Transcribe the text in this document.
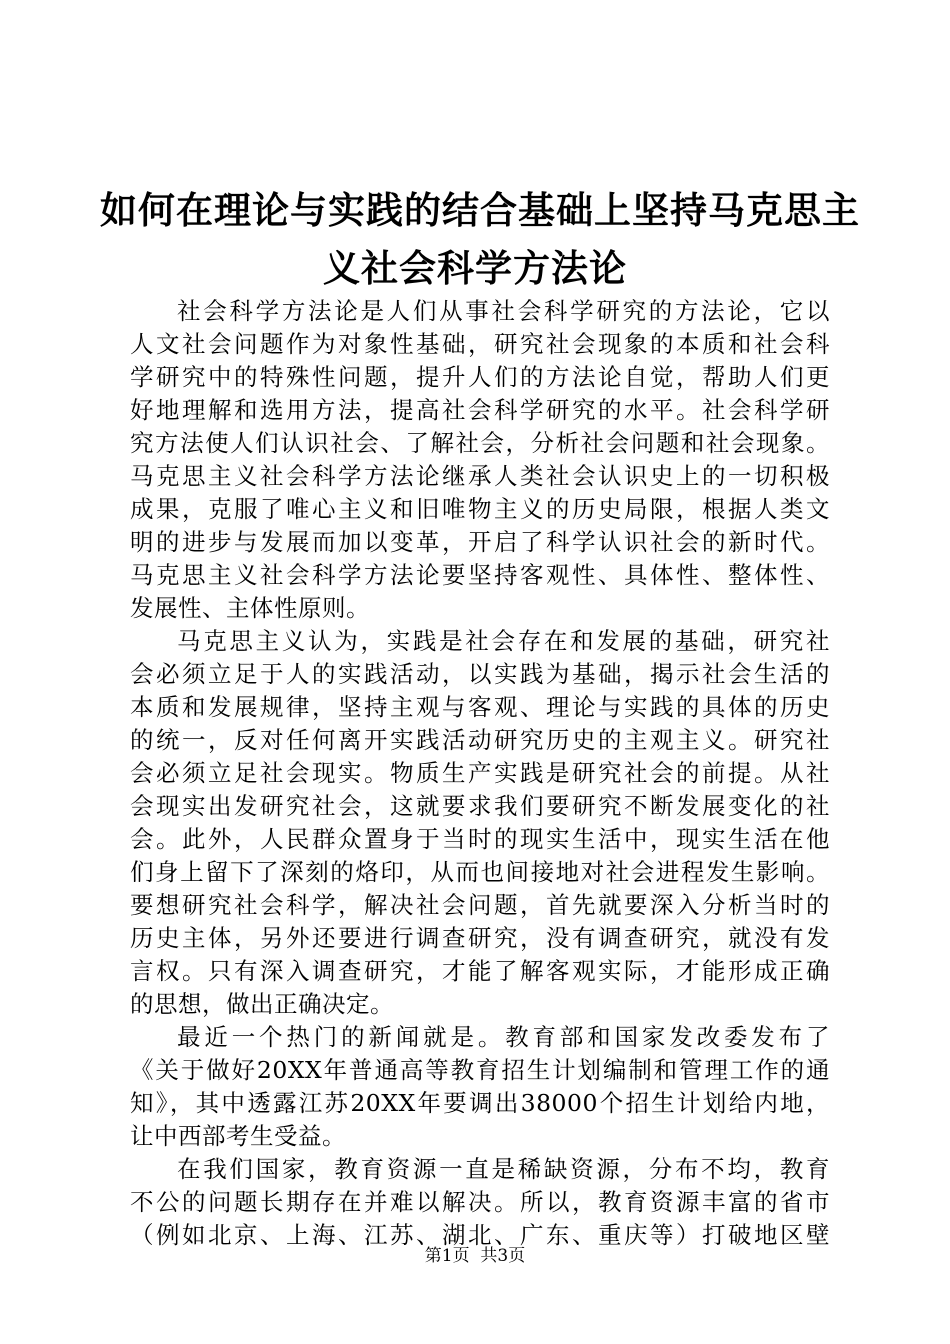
如何在理论与实践的结合基础上坚持马克思主
义社会科学方法论
社会科学方法论是人们从事社会科学研究的方法论，它以
人文社会问题作为对象性基础，研究社会现象的本质和社会科
学研究中的特殊性问题，提升人们的方法论自觉，帮助人们更
好地理解和选用方法，提高社会科学研究的水平。社会科学研
究方法使人们认识社会、了解社会，分析社会问题和社会现象。
马克思主义社会科学方法论继承人类社会认识史上的一切积极
成果，克服了唯心主义和旧唯物主义的历史局限，根据人类文
明的进步与发展而加以变革，开启了科学认识社会的新时代。
马克思主义社会科学方法论要坚持客观性、具体性、整体性、
发展性、主体性原则。
马克思主义认为，实践是社会存在和发展的基础，研究社
会必须立足于人的实践活动，以实践为基础，揭示社会生活的
本质和发展规律，坚持主观与客观、理论与实践的具体的历史
的统一，反对任何离开实践活动研究历史的主观主义。研究社
会必须立足社会现实。物质生产实践是研究社会的前提。从社
会现实出发研究社会，这就要求我们要研究不断发展变化的社
会。此外，人民群众置身于当时的现实生活中，现实生活在他
们身上留下了深刻的烙印，从而也间接地对社会进程发生影响。
要想研究社会科学，解决社会问题，首先就要深入分析当时的
历史主体，另外还要进行调查研究，没有调查研究，就没有发
言权。只有深入调查研究，才能了解客观实际，才能形成正确
的思想，做出正确决定。
最近一个热门的新闻就是。教育部和国家发改委发布了
《关于做好20XX年普通高等教育招生计划编制和管理工作的通
知》，其中透露江苏20XX年要调出38000个招生计划给内地，
让中西部考生受益。
在我们国家，教育资源一直是稀缺资源，分布不均，教育
不公的问题长期存在并难以解决。所以，教育资源丰富的省市
（例如北京、上海、江苏、湖北、广东、重庆等）打破地区壁
第1页  共3页
